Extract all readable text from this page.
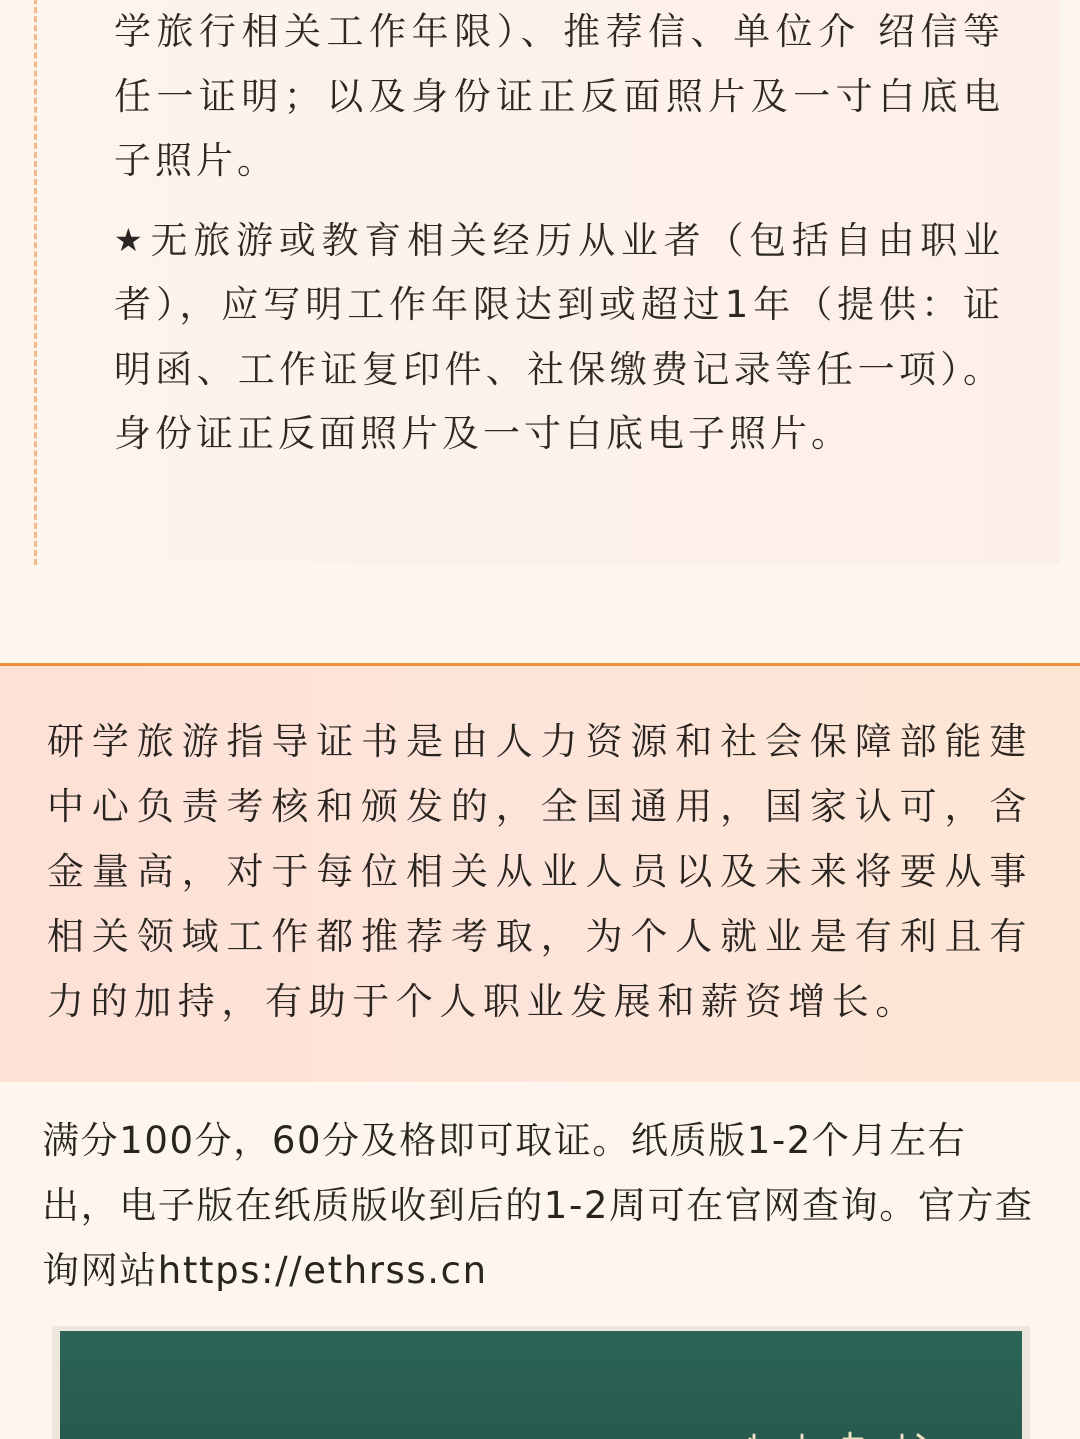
学旅行相关工作年限）、推荐信、单位介 绍信等任一证明；以及身份证正反面照片及一寸白底电子照片。

★无旅游或教育相关经历从业者（包括自由职业者），应写明工作年限达到或超过1年（提供：证明函、工作证复印件、社保缴费记录等任一项）。身份证正反面照片及一寸白底电子照片。

研学旅游指导证书是由人力资源和社会保障部能建中心负责考核和颁发的，全国通用，国家认可，含金量高，对于每位相关从业人员以及未来将要从事相关领域工作都推荐考取，为个人就业是有利且有力的加持，有助于个人职业发展和薪资增长。

满分100分，60分及格即可取证。纸质版1-2个月左右出，电子版在纸质版收到后的1-2周可在官网查询。官方查询网站https://ethrss.cn
